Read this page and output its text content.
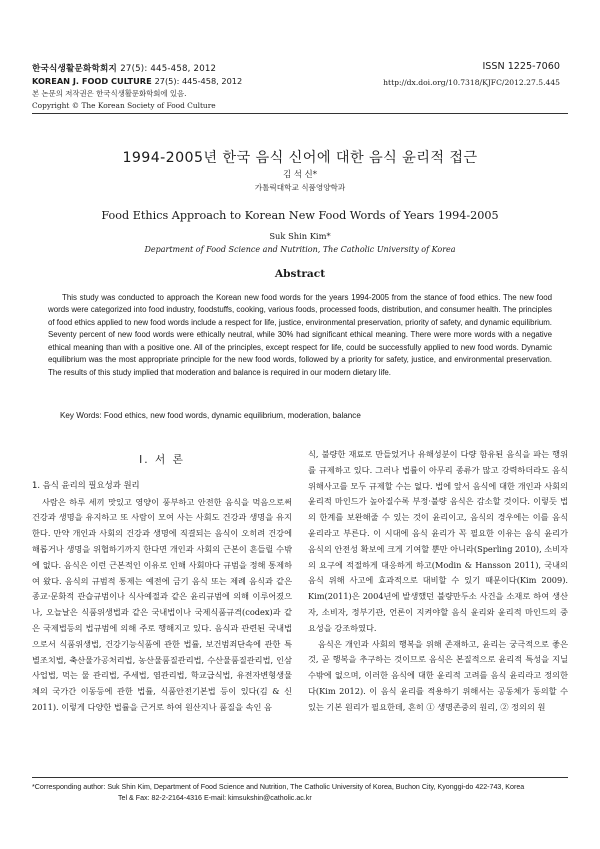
한국식생활문화학회지 27(5): 445-458, 2012
KOREAN J. FOOD CULTURE 27(5): 445-458, 2012
본 논문의 저작권은 한국식생활문화학회에 있음.
Copyright © The Korean Society of Food Culture
ISSN 1225-7060
http://dx.doi.org/10.7318/KJFC/2012.27.5.445
1994-2005년 한국 음식 신어에 대한 음식 윤리적 접근
김 석 신*
가톨릭대학교 식품영양학과
Food Ethics Approach to Korean New Food Words of Years 1994-2005
Suk Shin Kim*
Department of Food Science and Nutrition, The Catholic University of Korea
Abstract
This study was conducted to approach the Korean new food words for the years 1994-2005 from the stance of food ethics. The new food words were categorized into food industry, foodstuffs, cooking, various foods, processed foods, distribution, and consumer health. The principles of food ethics applied to new food words include a respect for life, justice, environmental preservation, priority of safety, and dynamic equilibrium. Seventy percent of new food words were ethically neutral, while 30% had significant ethical meaning. There were more words with a negative ethical meaning than with a positive one. All of the principles, except respect for life, could be successfully applied to new food words. Dynamic equilibrium was the most appropriate principle for the new food words, followed by a priority for safety, justice, and environmental preservation. The results of this study implied that moderation and balance is required in our modern dietary life.
Key Words: Food ethics, new food words, dynamic equilibrium, moderation, balance
I. 서 론
1. 음식 윤리의 필요성과 원리

사람은 하루 세끼 맛있고 영양이 풍부하고 안전한 음식을 먹음으로써 건강과 생명을 유지하고 또 사람이 모여 사는 사회도 건강과 생명을 유지한다. 만약 개인과 사회의 건강과 생명에 직결되는 음식이 오히려 건강에 해롭거나 생명을 위협하기까지 한다면 개인과 사회의 근본이 흔들릴 수밖에 없다. 음식은 이런 근본적인 이유로 인해 사회마다 규범을 정해 통제하여 왔다. 음식의 규범적 통제는 예전에 금기 음식 또는 제례 음식과 같은 종교·문화적 관습규범이나 식사예절과 같은 윤리규범에 의해 이루어졌으나, 오늘날은 식품위생법과 같은 국내법이나 국제식품규격(codex)과 같은 국제법등의 법규범에 의해 주로 행해지고 있다. 음식과 관련된 국내법으로서 식품위생법, 건강기능식품에 관한 법률, 보건범죄단속에 관한 특별조치법, 축산물가공처리법, 농산물품질관리법, 수산물품질관리법, 인삼사업법, 먹는 물 관리법, 주세법, 염관리법, 학교급식법, 유전자변형생물체의 국가간 이동등에 관한 법률, 식품안전기본법 등이 있다(김 & 신 2011). 이렇게 다양한 법률을 근거로 하여 원산지나 품질을 속인 음

식, 불량한 재료로 만들었거나 유해성분이 다량 함유된 음식을 파는 행위를 규제하고 있다. 그러나 법률이 아무리 종류가 많고 강력하더라도 음식 위해사고를 모두 규제할 수는 없다. 법에 앞서 음식에 대한 개인과 사회의 윤리적 마인드가 높아질수록 부정·불량 음식은 감소할 것이다. 이렇듯 법의 한계를 보완해줄 수 있는 것이 윤리이고, 음식의 경우에는 이를 음식 윤리라고 부른다. 이 시대에 음식 윤리가 꼭 필요한 이유는 음식 윤리가 음식의 안전성 확보에 크게 기여할 뿐만 아니라(Sperling 2010), 소비자의 요구에 적절하게 대응하게 하고(Modin & Hansson 2011), 국내의 음식 위해 사고에 효과적으로 대비할 수 있기 때문이다(Kim 2009). Kim(2011)은 2004년에 발생했던 불량만두소 사건을 소재로 하여 생산자, 소비자, 정부기관, 언론이 지켜야할 음식 윤리와 윤리적 마인드의 중요성을 강조하였다.

음식은 개인과 사회의 행복을 위해 존재하고, 윤리는 궁극적으로 좋은 것, 곧 행복을 추구하는 것이므로 음식은 본질적으로 윤리적 특성을 지닐 수밖에 없으며, 이러한 음식에 대한 윤리적 고려를 음식 윤리라고 정의한다(Kim 2012). 이 음식 윤리를 적용하기 위해서는 공동체가 동의할 수 있는 기본 원리가 필요한데, 흔히 ① 생명존중의 원리, ② 정의의 원

*Corresponding author: Suk Shin Kim, Department of Food Science and Nutrition, The Catholic University of Korea, Buchon City, Kyonggi-do 422-743, Korea
Tel & Fax: 82-2-2164-4316 E-mail: kimsukshin@catholic.ac.kr
